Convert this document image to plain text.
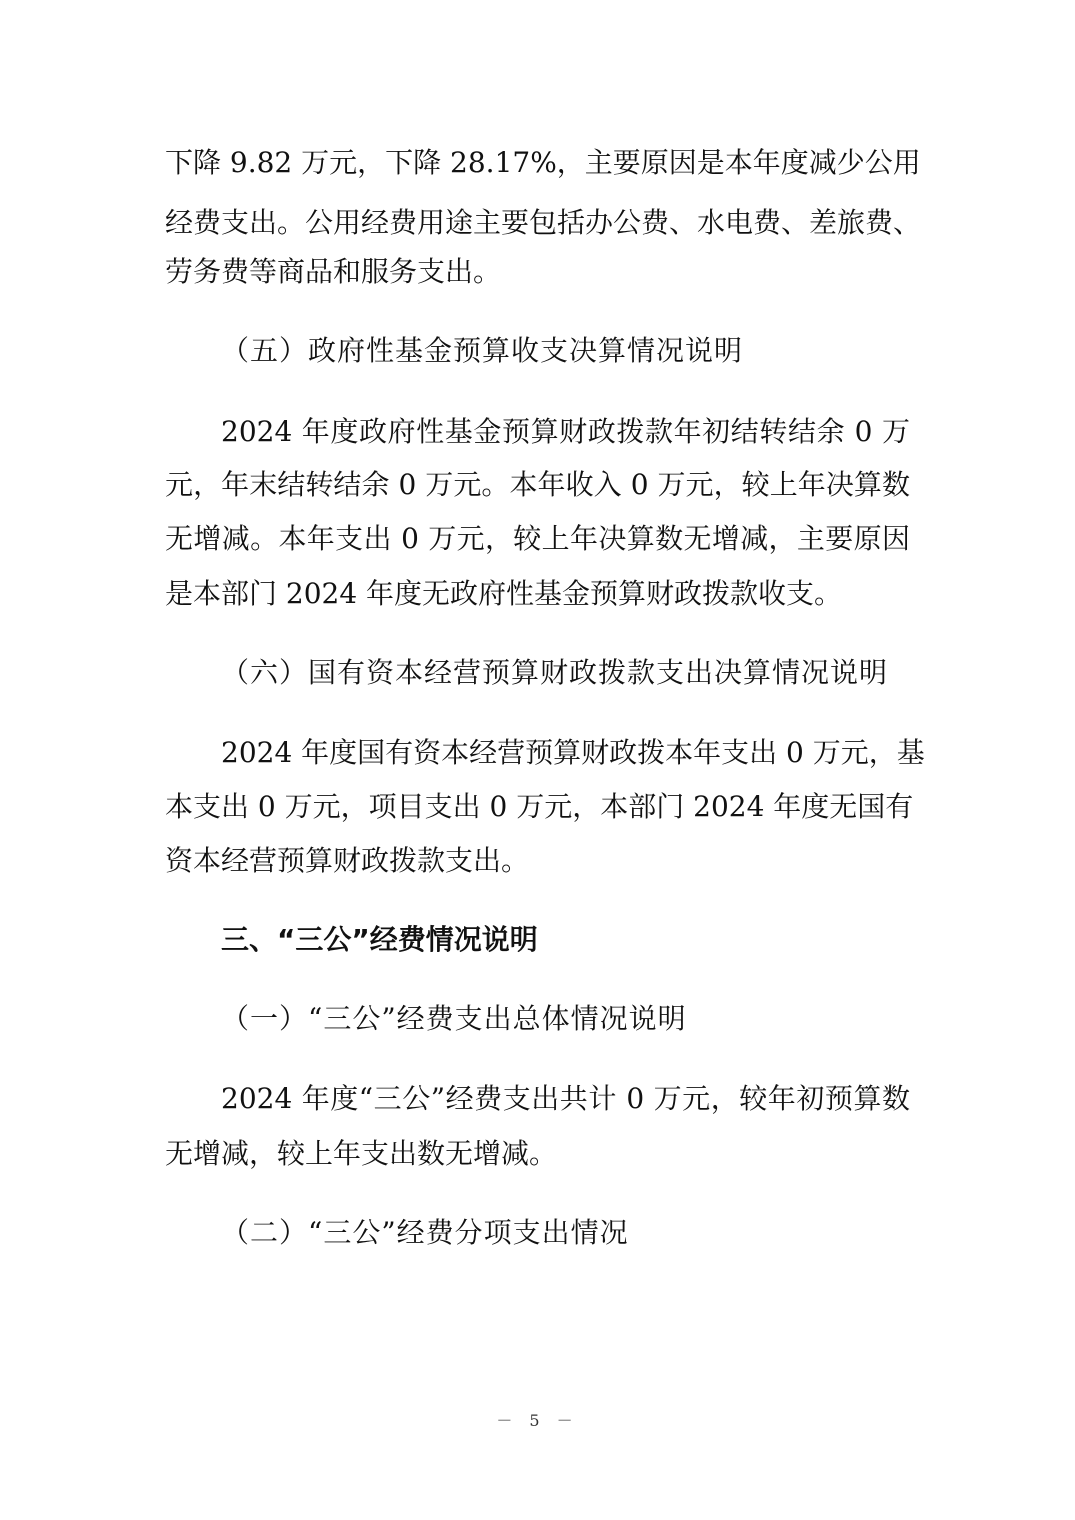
下降 9.82 万元，下降 28.17%，主要原因是本年度减少公用
经费支出。公用经费用途主要包括办公费、水电费、差旅费、
劳务费等商品和服务支出。
（五）政府性基金预算收支决算情况说明
2024 年度政府性基金预算财政拨款年初结转结余 0 万
元，年末结转结余 0 万元。本年收入 0 万元，较上年决算数
无增减。本年支出 0 万元，较上年决算数无增减，主要原因
是本部门 2024 年度无政府性基金预算财政拨款收支。
（六）国有资本经营预算财政拨款支出决算情况说明
2024 年度国有资本经营预算财政拨本年支出 0 万元，基
本支出 0 万元，项目支出 0 万元，本部门 2024 年度无国有
资本经营预算财政拨款支出。
三、“三公”经费情况说明
（一）“三公”经费支出总体情况说明
2024 年度“三公”经费支出共计 0 万元，较年初预算数
无增减，较上年支出数无增减。
（二）“三公”经费分项支出情况
－ 5 －
